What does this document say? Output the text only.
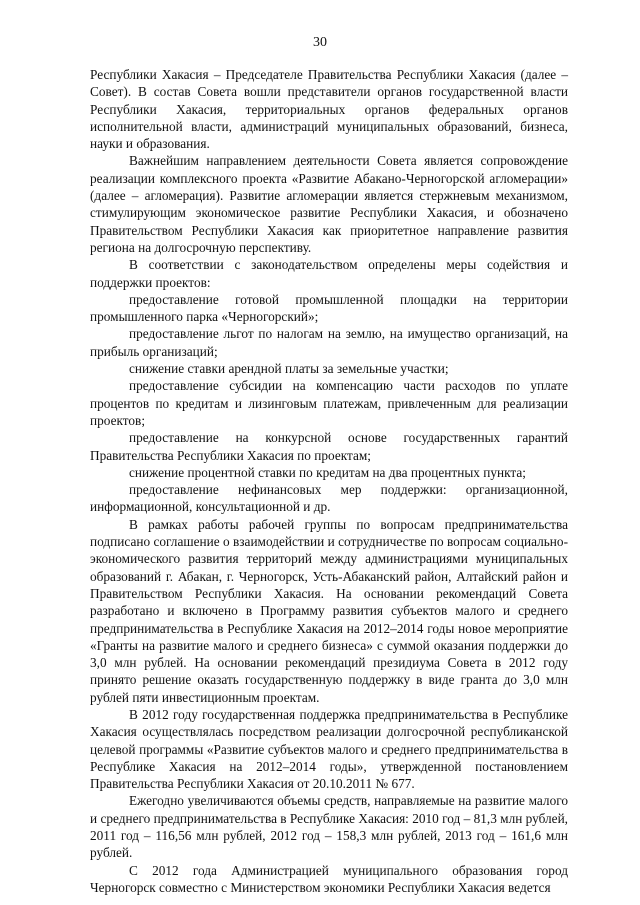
30

Республики Хакасия – Председателе Правительства Республики Хакасия (далее – Совет). В состав Совета вошли представители органов государственной власти Республики Хакасия, территориальных органов федеральных органов исполнительной власти, администраций муниципальных образований, бизнеса, науки и образования.

Важнейшим направлением деятельности Совета является сопровождение реализации комплексного проекта «Развитие Абакано-Черногорской агломерации» (далее – агломерация). Развитие агломерации является стержневым механизмом, стимулирующим экономическое развитие Республики Хакасия, и обозначено Правительством Республики Хакасия как приоритетное направление развития региона на долгосрочную перспективу.

В соответствии с законодательством определены меры содействия и поддержки проектов:

предоставление готовой промышленной площадки на территории промышленного парка «Черногорский»;

предоставление льгот по налогам на землю, на имущество организаций, на прибыль организаций;

снижение ставки арендной платы за земельные участки;

предоставление субсидии на компенсацию части расходов по уплате процентов по кредитам и лизинговым платежам, привлеченным для реализации проектов;

предоставление на конкурсной основе государственных гарантий Правительства Республики Хакасия по проектам;

снижение процентной ставки по кредитам на два процентных пункта;

предоставление нефинансовых мер поддержки: организационной, информационной, консультационной и др.

В рамках работы рабочей группы по вопросам предпринимательства подписано соглашение о взаимодействии и сотрудничестве по вопросам социально-экономического развития территорий между администрациями муниципальных образований г. Абакан, г. Черногорск, Усть-Абаканский район, Алтайский район и Правительством Республики Хакасия. На основании рекомендаций Совета разработано и включено в Программу развития субъектов малого и среднего предпринимательства в Республике Хакасия на 2012–2014 годы новое мероприятие «Гранты на развитие малого и среднего бизнеса» с суммой оказания поддержки до 3,0 млн рублей. На основании рекомендаций президиума Совета в 2012 году принято решение оказать государственную поддержку в виде гранта до 3,0 млн рублей пяти инвестиционным проектам.

В 2012 году государственная поддержка предпринимательства в Республике Хакасия осуществлялась посредством реализации долгосрочной республиканской целевой программы «Развитие субъектов малого и среднего предпринимательства в Республике Хакасия на 2012–2014 годы», утвержденной постановлением Правительства Республики Хакасия от 20.10.2011 № 677.

Ежегодно увеличиваются объемы средств, направляемые на развитие малого и среднего предпринимательства в Республике Хакасия: 2010 год – 81,3 млн рублей, 2011 год – 116,56 млн рублей, 2012 год – 158,3 млн рублей, 2013 год – 161,6 млн рублей.

С 2012 года Администрацией муниципального образования город Черногорск совместно с Министерством экономики Республики Хакасия ведется
